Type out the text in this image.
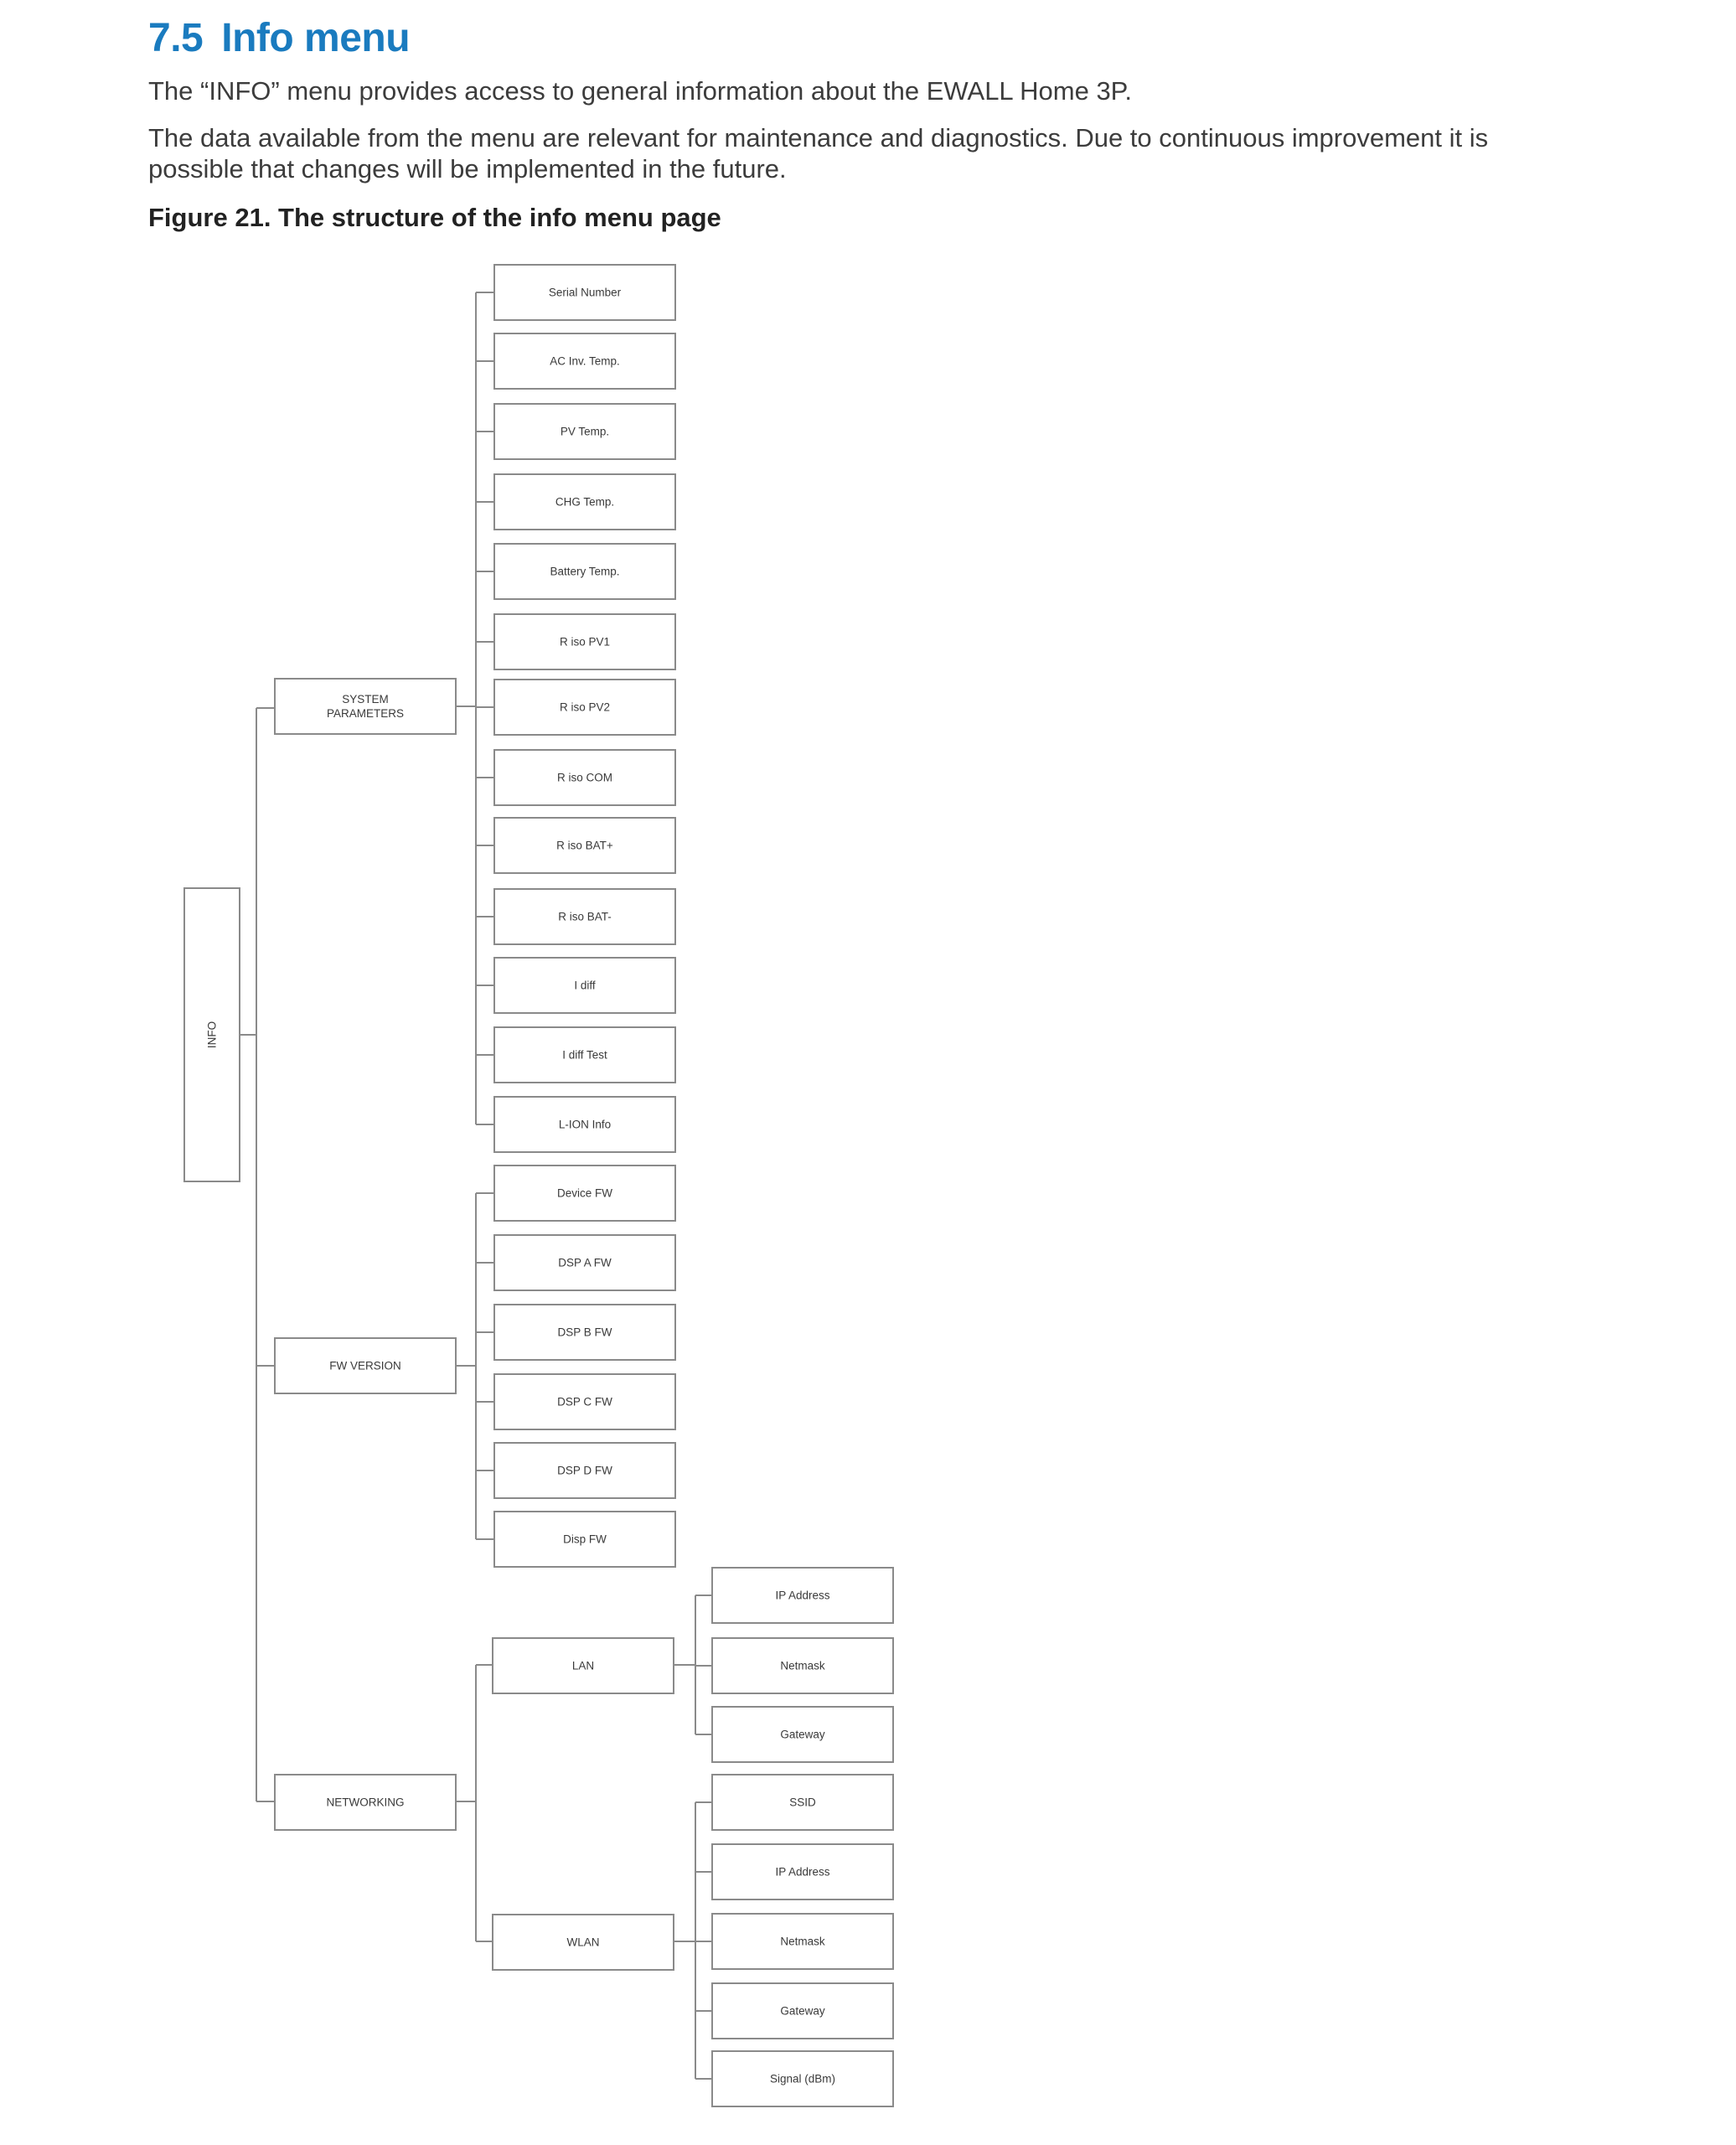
7.5 Info menu

The “INFO” menu provides access to general information about the EWALL Home 3P.

The data available from the menu are relevant for maintenance and diagnostics. Due to continuous improvement it is possible that changes will be implemented in the future.

Figure 21. The structure of the info menu page

INFO
SYSTEM
PARAMETERS
Serial Number
AC Inv. Temp.
PV Temp.
CHG Temp.
Battery Temp.
R iso PV1
R iso PV2
R iso COM
R iso BAT+
R iso BAT-
I diff
I diff Test
L-ION Info
FW VERSION
Device FW
DSP A FW
DSP B FW
DSP C FW
DSP D FW
Disp FW
NETWORKING
LAN
IP Address
Netmask
Gateway
WLAN
SSID
IP Address
Netmask
Gateway
Signal (dBm)
